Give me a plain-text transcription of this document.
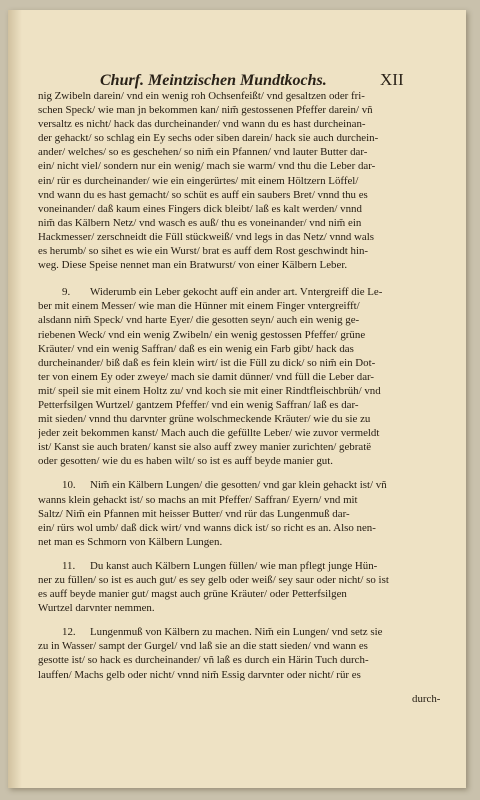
Churf. Meintzischen Mundtkochs.	XII
nig Zwibeln darein/ vnd ein wenig roh Ochsenfeißt/ vnd gesaltzen oder fri-
schen Speck/ wie man jn bekommen kan/ nim̃ gestossenen Pfeffer darein/ vñ
versaltz es nicht/ hack das durcheinander/ vnd wann du es hast durcheinan-
der gehackt/ so schlag ein Ey sechs oder siben darein/ hack sie auch durchein-
ander/ welches/ so es geschehen/ so nim̃ ein Pfannen/ vnd lauter Butter dar-
ein/ nicht viel/ sondern nur ein wenig/ mach sie warm/ vnd thu die Leber dar-
ein/ rür es durcheinander/ wie ein eingerürtes/ mit einem Höltzern Löffel/
vnd wann du es hast gemacht/ so schüt es auff ein saubers Bret/ vnnd thu es
voneinander/ daß kaum eines Fingers dick bleibt/ laß es kalt werden/ vnnd
nim̃ das Kälbern Netz/ vnd wasch es auß/ thu es voneinander/ vnd nim̃ ein
Hackmesser/ zerschneidt die Füll stückweiß/ vnd legs in das Netz/ vnnd wals
es herumb/ so sihet es wie ein Wurst/ brat es auff dem Rost geschwindt hin-
weg. Diese Speise nennet man ein Bratwurst/ von einer Kälbern Leber.
9. Widerumb ein Leber gekocht auff ein ander art. Vntergreiff die Le-
ber mit einem Messer/ wie man die Hünner mit einem Finger vntergreifft/
alsdann nim̃ Speck/ vnd harte Eyer/ die gesotten seyn/ auch ein wenig ge-
riebenen Weck/ vnd ein wenig Zwibeln/ ein wenig gestossen Pfeffer/ grüne
Kräuter/ vnd ein wenig Saffran/ daß es ein wenig ein Farb gibt/ hack das
durcheinander/ biß daß es fein klein wirt/ ist die Füll zu dick/ so nim̃ ein Dot-
ter von einem Ey oder zweye/ mach sie damit dünner/ vnd füll die Leber dar-
mit/ speil sie mit einem Holtz zu/ vnd koch sie mit einer Rindtfleischbrüh/ vnd
Petterfsilgen Wurtzel/ gantzem Pfeffer/ vnd ein wenig Saffran/ laß es dar-
mit sieden/ vnnd thu darvnter grüne wolschmeckende Kräuter/ wie du sie zu
jeder zeit bekommen kanst/ Mach auch die gefüllte Leber/ wie zuvor vermeldt
ist/ Kanst sie auch braten/ kanst sie also auff zwey manier zurichten/ gebratë
oder gesotten/ wie du es haben wilt/ so ist es auff beyde manier gut.
10. Nim̃ ein Kälbern Lungen/ die gesotten/ vnd gar klein gehackt ist/ vñ
wanns klein gehackt ist/ so machs an mit Pfeffer/ Saffran/ Eyern/ vnd mit
Saltz/ Nim̃ ein Pfannen mit heisser Butter/ vnd rür das Lungenmuß dar-
ein/ rürs wol umb/ daß dick wirt/ vnd wanns dick ist/ so richt es an. Also nen-
net man es Schmorn von Kälbern Lungen.
11. Du kanst auch Kälbern Lungen füllen/ wie man pflegt junge Hün-
ner zu füllen/ so ist es auch gut/ es sey gelb oder weiß/ sey saur oder nicht/ so ist
es auff beyde manier gut/ magst auch grüne Kräuter/ oder Petterfsilgen
Wurtzel darvnter nemmen.
12. Lungenmuß von Kälbern zu machen. Nim̃ ein Lungen/ vnd setz sie
zu in Wasser/ sampt der Gurgel/ vnd laß sie an die statt sieden/ vnd wann es
gesotte ist/ so hack es durcheinander/ vñ laß es durch ein Härin Tuch durch-
lauffen/ Machs gelb oder nicht/ vnnd nim̃ Essig darvnter oder nicht/ rür es
durch-
